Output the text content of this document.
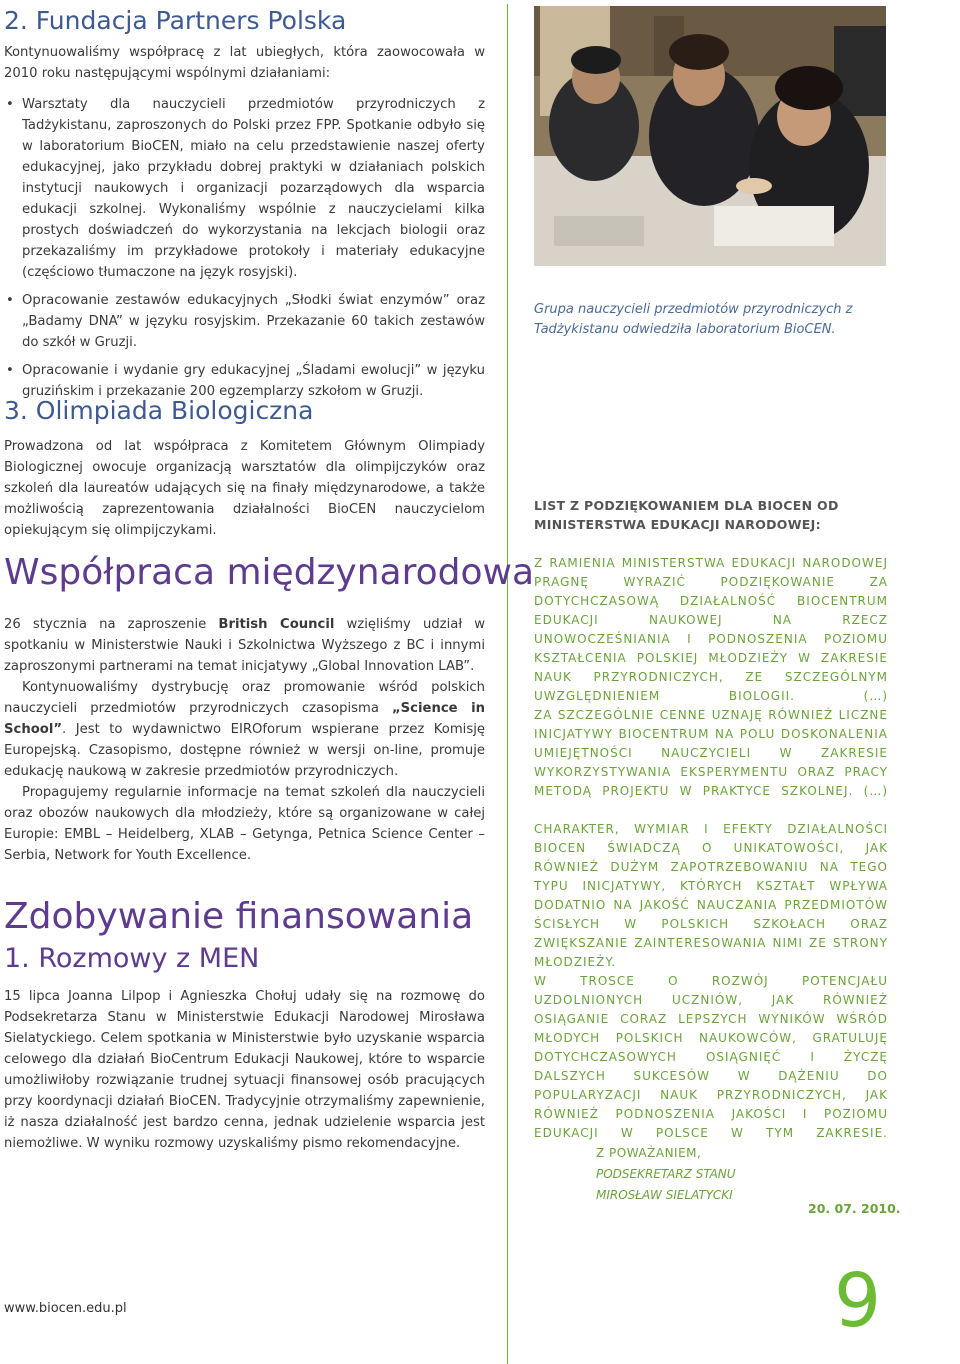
2. Fundacja Partners Polska

Kontynuowaliśmy współpracę z lat ubiegłych, która zaowocowała w 2010 roku następującymi wspólnymi działaniami:

• Warsztaty dla nauczycieli przedmiotów przyrodniczych z Tadżykistanu, zaproszonych do Polski przez FPP. Spotkanie odbyło się w laboratorium BioCEN, miało na celu przedstawienie naszej oferty edukacyjnej, jako przykładu dobrej praktyki w działaniach polskich instytucji naukowych i organizacji pozarządowych dla wsparcia edukacji szkolnej. Wykonaliśmy wspólnie z nauczycielami kilka prostych doświadczeń do wykorzystania na lekcjach biologii oraz przekazaliśmy im przykładowe protokoły i materiały edukacyjne (częściowo tłumaczone na język rosyjski).
• Opracowanie zestawów edukacyjnych „Słodki świat enzymów” oraz „Badamy DNA” w języku rosyjskim. Przekazanie 60 takich zestawów do szkół w Gruzji.
• Opracowanie i wydanie gry edukacyjnej „Śladami ewolucji” w języku gruzińskim i przekazanie 200 egzemplarzy szkołom w Gruzji.
3. Olimpiada Biologiczna

Prowadzona od lat współpraca z Komitetem Głównym Olimpiady Biologicznej owocuje organizacją warsztatów dla olimpijczyków oraz szkoleń dla laureatów udających się na finały międzynarodowe, a także możliwością zaprezentowania działalności BioCEN nauczycielom opiekującym się olimpijczykami.

Współpraca międzynarodowa

26 stycznia na zaproszenie British Council wzięliśmy udział w spotkaniu w Ministerstwie Nauki i Szkolnictwa Wyższego z BC i innymi zaproszonymi partnerami na temat inicjatywy „Global Innovation LAB”.

Kontynuowaliśmy dystrybucję oraz promowanie wśród polskich nauczycieli przedmiotów przyrodniczych czasopisma „Science in School”. Jest to wydawnictwo EIROforum wspierane przez Komisję Europejską. Czasopismo, dostępne również w wersji on-line, promuje edukację naukową w zakresie przedmiotów przyrodniczych.

Propagujemy regularnie informacje na temat szkoleń dla nauczycieli oraz obozów naukowych dla młodzieży, które są organizowane w całej Europie: EMBL – Heidelberg, XLAB – Getynga, Petnica Science Center – Serbia, Network for Youth Excellence.

Zdobywanie finansowania
1. Rozmowy z MEN

15 lipca Joanna Lilpop i Agnieszka Chołuj udały się na rozmowę do Podsekretarza Stanu w Ministerstwie Edukacji Narodowej Mirosława Sielatyckiego. Celem spotkania w Ministerstwie było uzyskanie wsparcia celowego dla działań BioCentrum Edukacji Naukowej, które to wsparcie umożliwiłoby rozwiązanie trudnej sytuacji finansowej osób pracujących przy koordynacji działań BioCEN. Tradycyjnie otrzymaliśmy zapewnienie, iż nasza działalność jest bardzo cenna, jednak udzielenie wsparcia jest niemożliwe. W wyniku rozmowy uzyskaliśmy pismo rekomendacyjne.

Grupa nauczycieli przedmiotów przyrodniczych z Tadżykistanu odwiedziła laboratorium BioCEN.
LIST Z PODZIĘKOWANIEM DLA BIOCEN OD MINISTERSTWA EDUKACJI NARODOWEJ:

Z RAMIENIA MINISTERSTWA EDUKACJI NARODOWEJ PRAGNĘ WYRAZIĆ PODZIĘKOWANIE ZA DOTYCHCZASOWĄ DZIAŁALNOŚĆ BIOCENTRUM EDUKACJI NAUKOWEJ NA RZECZ UNOWOCZEŚNIANIA I PODNOSZENIA POZIOMU KSZTAŁCENIA POLSKIEJ MŁODZIEŻY W ZAKRESIE NAUK PRZYRODNICZYCH, ZE SZCZEGÓLNYM UWZGLĘDNIENIEM BIOLOGII. (…)

ZA SZCZEGÓLNIE CENNE UZNAJĘ RÓWNIEŻ LICZNE INICJATYWY BIOCENTRUM NA POLU DOSKONALENIA UMIEJĘTNOŚCI NAUCZYCIELI W ZAKRESIE WYKORZYSTYWANIA EKSPERYMENTU ORAZ PRACY METODĄ PROJEKTU W PRAKTYCE SZKOLNEJ. (…)

CHARAKTER, WYMIAR I EFEKTY DZIAŁALNOŚCI BIOCEN ŚWIADCZĄ O UNIKATOWOŚCI, JAK RÓWNIEŻ DUŻYM ZAPOTRZEBOWANIU NA TEGO TYPU INICJATYWY, KTÓRYCH KSZTAŁT WPŁYWA DODATNIO NA JAKOŚĆ NAUCZANIA PRZEDMIOTÓW ŚCISŁYCH W POLSKICH SZKOŁACH ORAZ ZWIĘKSZANIE ZAINTERESOWANIA NIMI ZE STRONY MŁODZIEŻY.

W TROSCE O ROZWÓJ POTENCJAŁU UZDOLNIONYCH UCZNIÓW, JAK RÓWNIEŻ OSIĄGANIE CORAZ LEPSZYCH WYNIKÓW WŚRÓD MŁODYCH POLSKICH NAUKOWCÓW, GRATULUJĘ DOTYCHCZASOWYCH OSIĄGNIĘĆ I ŻYCZĘ DALSZYCH SUKCESÓW W DĄŻENIU DO POPULARYZACJI NAUK PRZYRODNICZYCH, JAK RÓWNIEŻ PODNOSZENIA JAKOŚCI I POZIOMU EDUKACJI W POLSCE W TYM ZAKRESIE.

Z POWAŻANIEM,
PODSEKRETARZ STANU
MIROSŁAW SIELATYCKI
20. 07. 2010.
www.biocen.edu.pl	9
